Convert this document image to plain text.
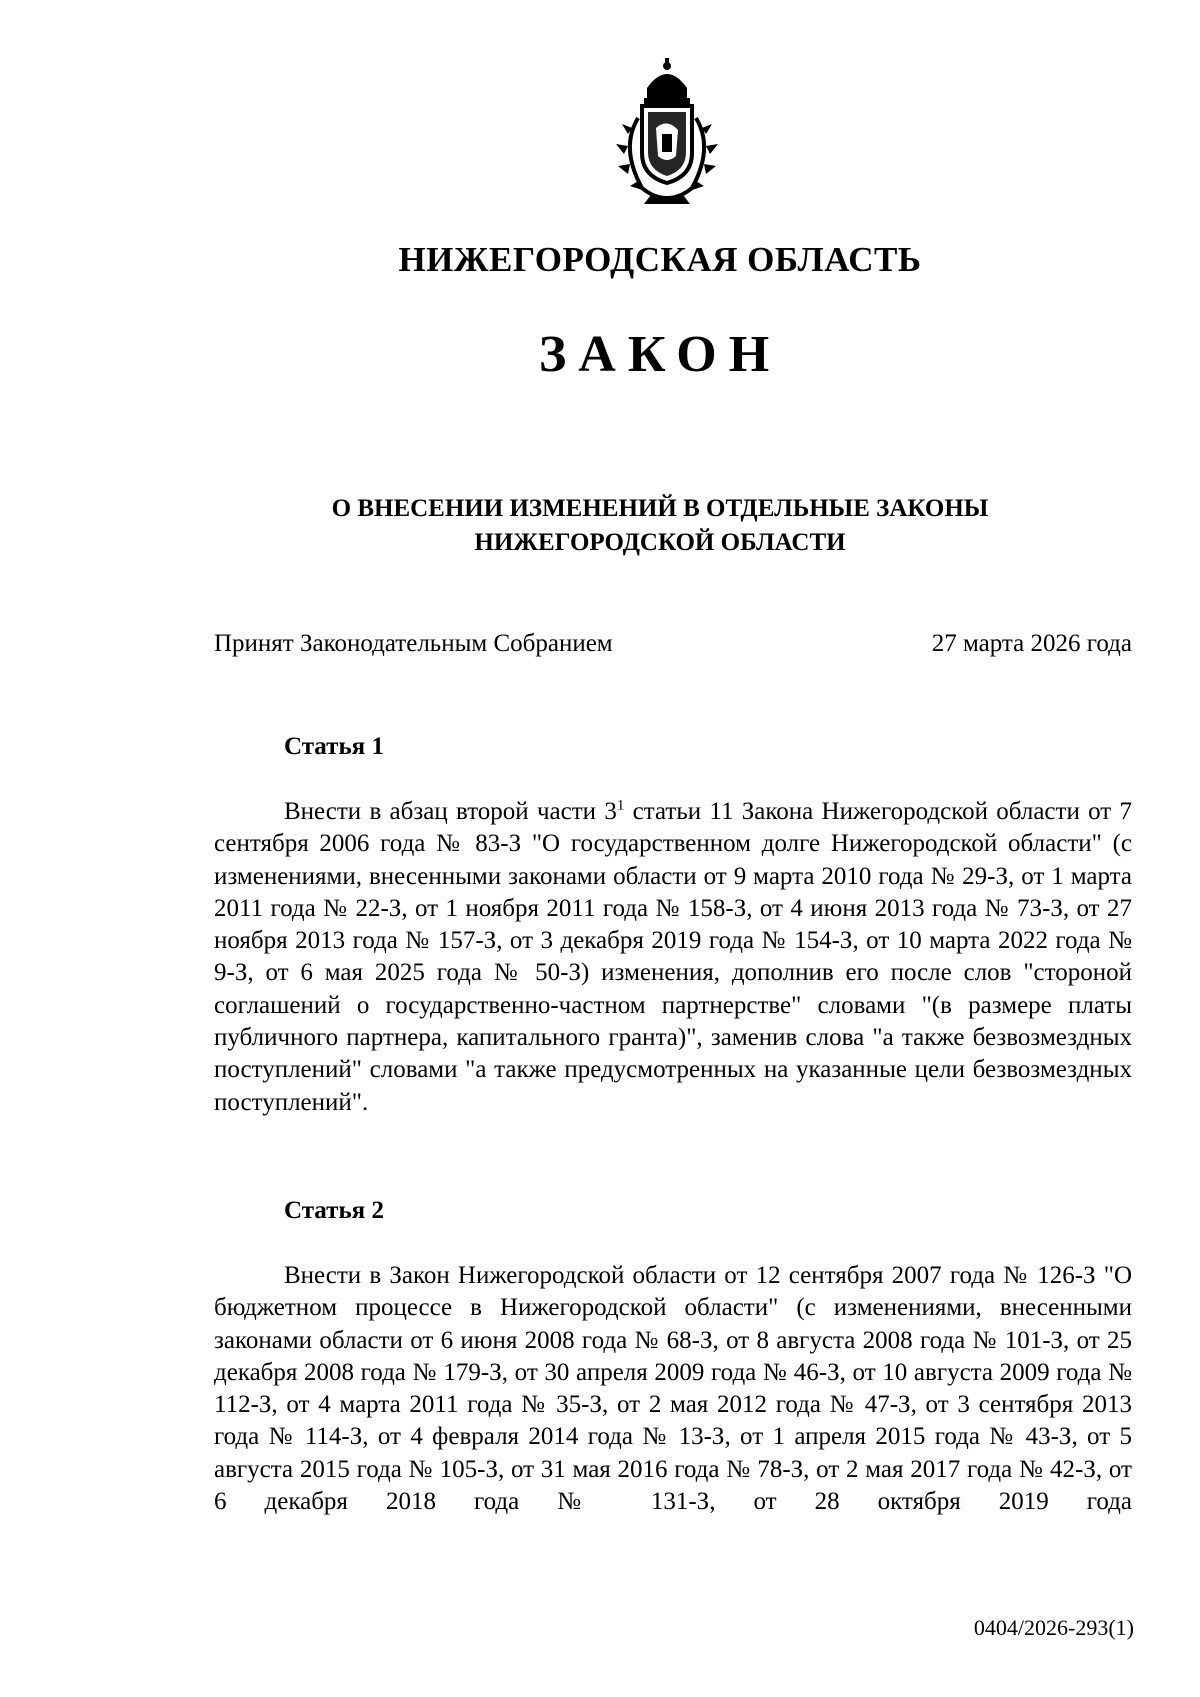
НИЖЕГОРОДСКАЯ ОБЛАСТЬ
ЗАКОН
О ВНЕСЕНИИ ИЗМЕНЕНИЙ В ОТДЕЛЬНЫЕ ЗАКОНЫ
НИЖЕГОРОДСКОЙ ОБЛАСТИ
Принят Законодательным Собранием	27 марта 2026 года
Статья 1

Внести в абзац второй части $3^1$ статьи 11 Закона Нижегородской области от 7 сентября 2006 года № 83-З "О государственном долге Нижегородской области" (с изменениями, внесенными законами области от 9 марта 2010 года № 29-З, от 1 марта 2011 года № 22-З, от 1 ноября 2011 года № 158-З, от 4 июня 2013 года № 73-З, от 27 ноября 2013 года № 157-З, от 3 декабря 2019 года № 154-З, от 10 марта 2022 года № 9-З, от 6 мая 2025 года № 50-З) изменения, дополнив его после слов "стороной соглашений о государственно-частном партнерстве" словами "(в размере платы публичного партнера, капитального гранта)", заменив слова "а также безвозмездных поступлений" словами "а также предусмотренных на указанные цели безвозмездных поступлений".

Статья 2

Внести в Закон Нижегородской области от 12 сентября 2007 года № 126-З "О бюджетном процессе в Нижегородской области" (с изменениями, внесенными законами области от 6 июня 2008 года № 68-З, от 8 августа 2008 года № 101-З, от 25 декабря 2008 года № 179-З, от 30 апреля 2009 года № 46-З, от 10 августа 2009 года № 112-З, от 4 марта 2011 года № 35-З, от 2 мая 2012 года № 47-З, от 3 сентября 2013 года № 114-З, от 4 февраля 2014 года № 13-З, от 1 апреля 2015 года № 43-З, от 5 августа 2015 года № 105-З, от 31 мая 2016 года № 78-З, от 2 мая 2017 года № 42-З, от 6 декабря 2018 года № 131-З, от 28 октября 2019 года

0404/2026-293(1)
